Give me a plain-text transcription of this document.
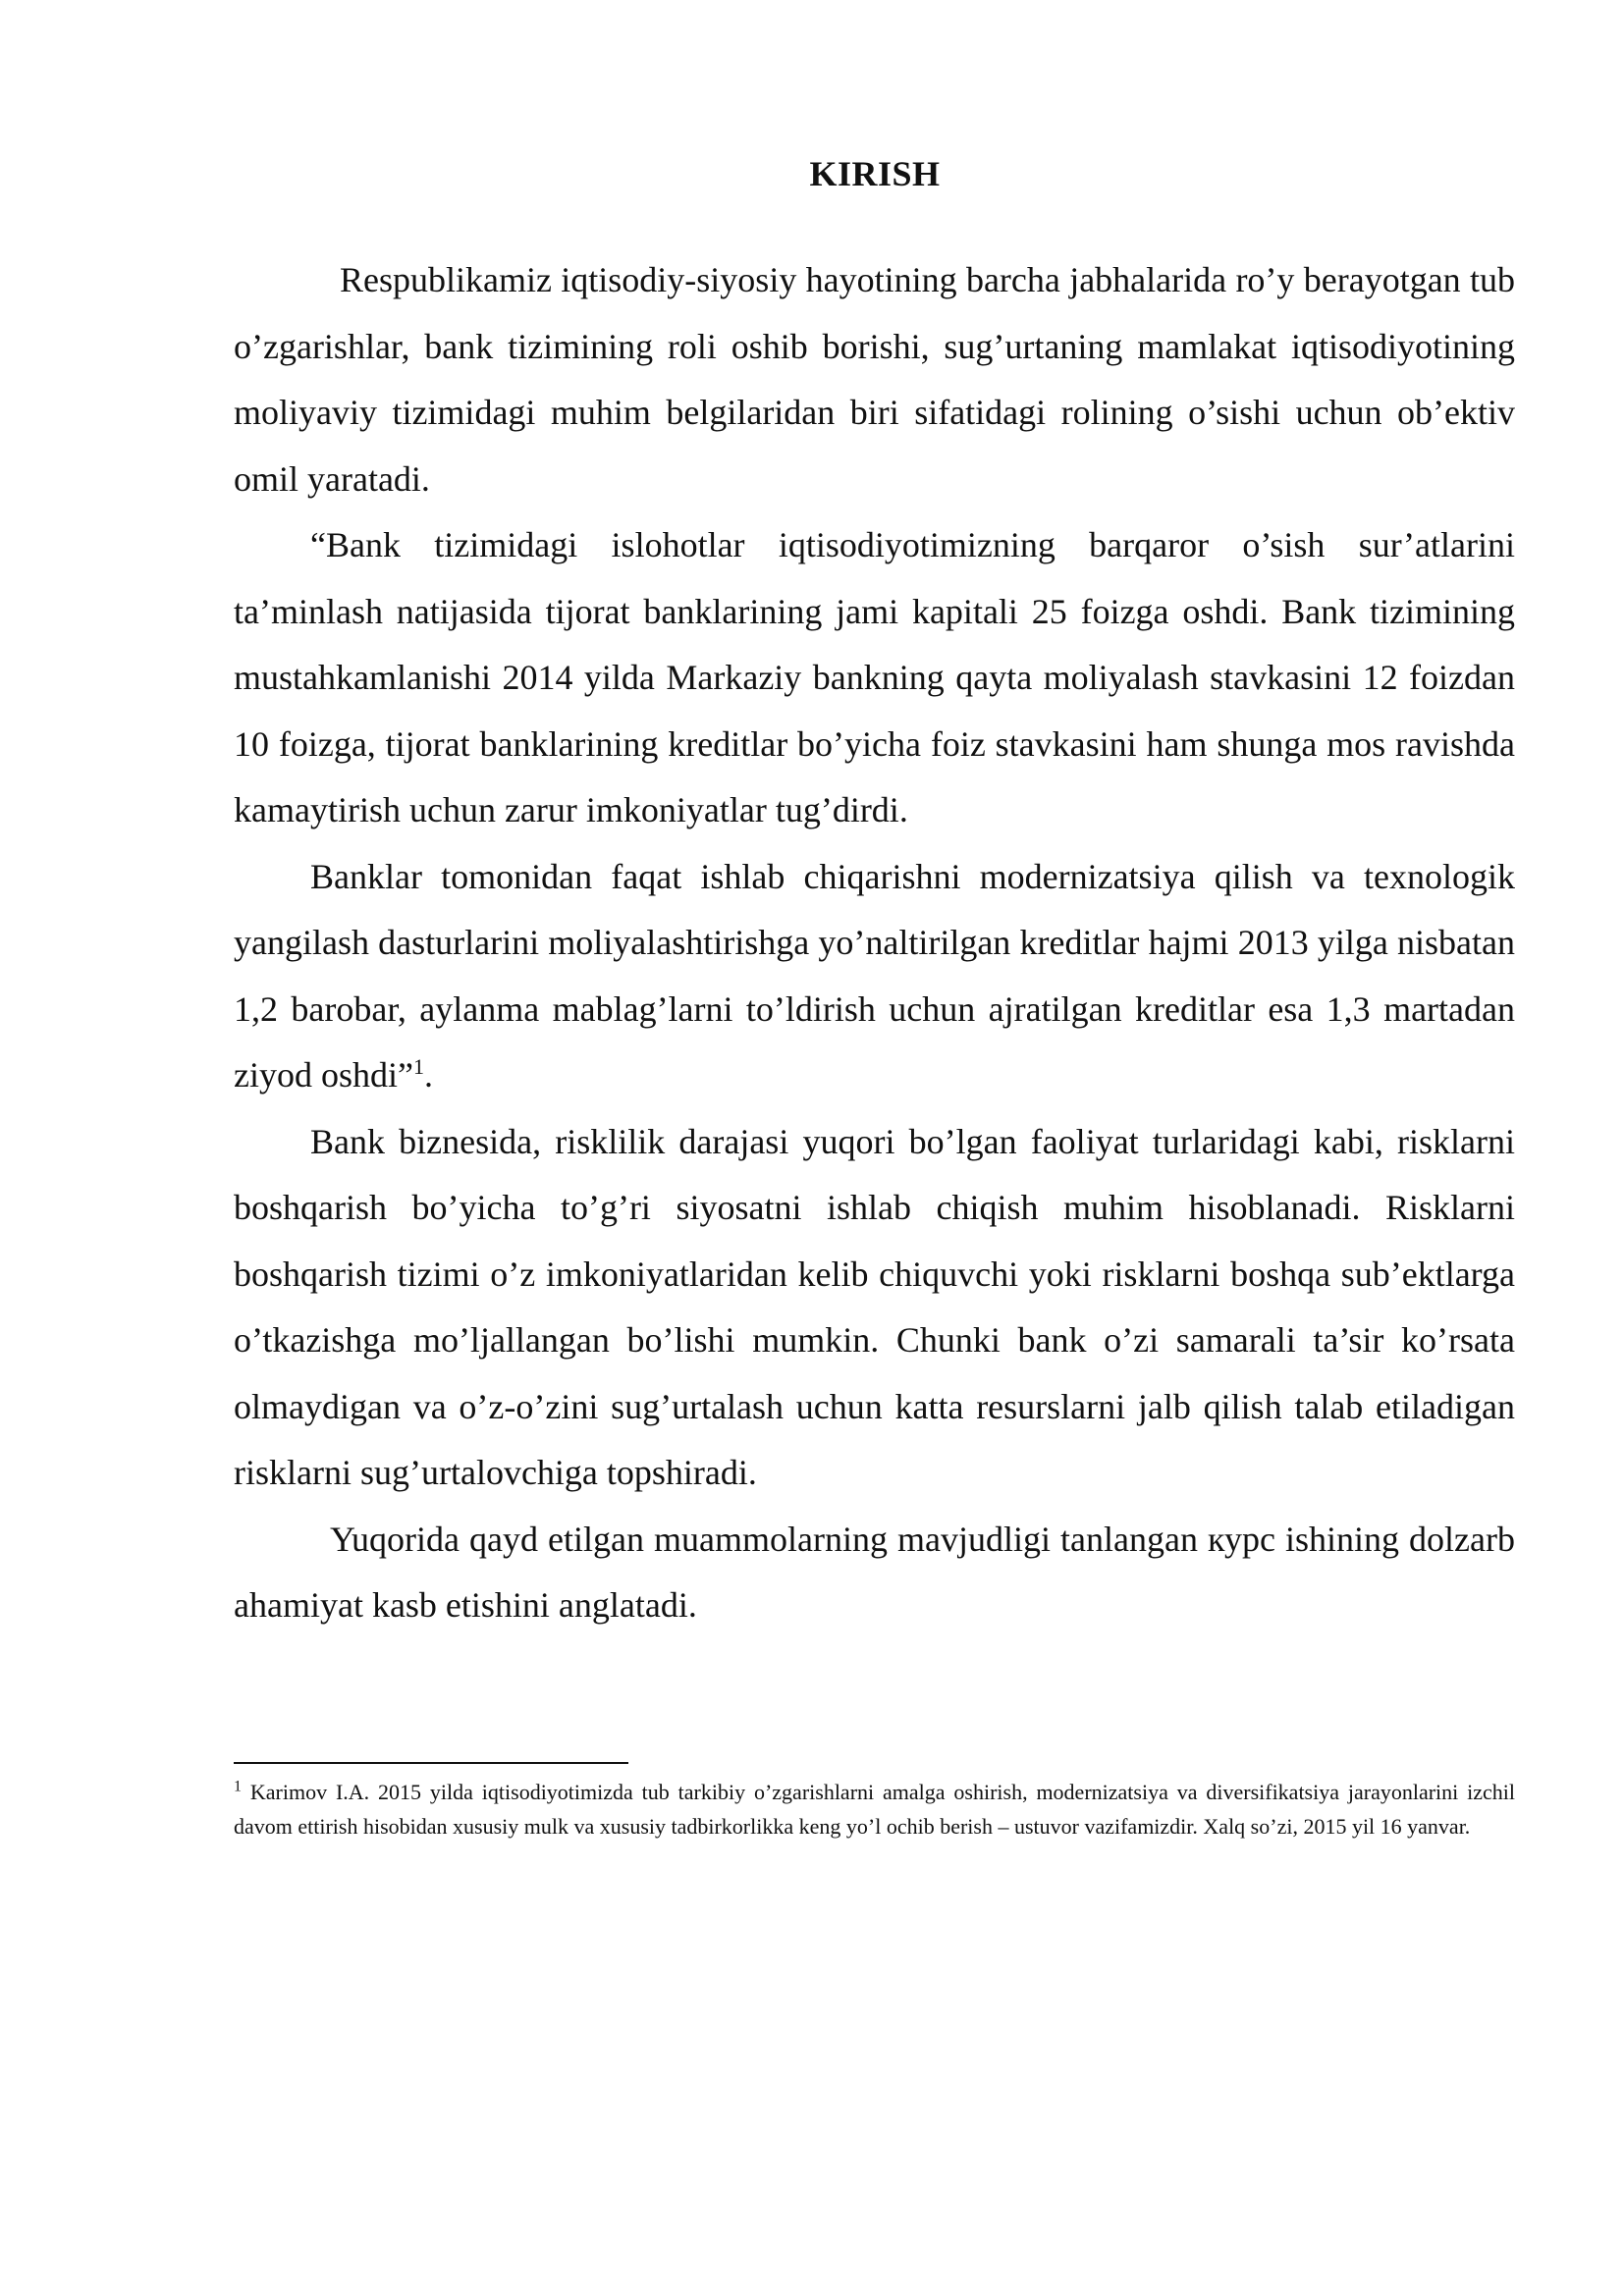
KIRISH

Respublikamiz iqtisodiy-siyosiy hayotining barcha jabhalarida ro’y berayotgan tub o’zgarishlar, bank tizimining roli oshib borishi, sug’urtaning mamlakat iqtisodiyotining moliyaviy tizimidagi muhim belgilaridan biri sifatidagi rolining o’sishi uchun ob’ektiv omil yaratadi.

“Bank tizimidagi islohotlar iqtisodiyotimizning barqaror o’sish sur’atlarini ta’minlash natijasida tijorat banklarining jami kapitali 25 foizga oshdi. Bank tizimining mustahkamlanishi 2014 yilda Markaziy bankning qayta moliyalash stavkasini 12 foizdan 10 foizga, tijorat banklarining kreditlar bo’yicha foiz stavkasini ham shunga mos ravishda kamaytirish uchun zarur imkoniyatlar tug’dirdi.

Banklar tomonidan faqat ishlab chiqarishni modernizatsiya qilish va texnologik yangilash dasturlarini moliyalashtirishga yo’naltirilgan kreditlar hajmi 2013 yilga nisbatan 1,2 barobar, aylanma mablag’larni to’ldirish uchun ajratilgan kreditlar esa 1,3 martadan ziyod oshdi”$^1$.

Bank biznesida, risklilik darajasi yuqori bo’lgan faoliyat turlaridagi kabi, risklarni boshqarish bo’yicha to’g’ri siyosatni ishlab chiqish muhim hisoblanadi. Risklarni boshqarish tizimi o’z imkoniyatlaridan kelib chiquvchi yoki risklarni boshqa sub’ektlarga o’tkazishga mo’ljallangan bo’lishi mumkin. Chunki bank o’zi samarali ta’sir ko’rsata olmaydigan va o’z-o’zini sug’urtalash uchun katta resurslarni jalb qilish talab etiladigan risklarni sug’urtalovchiga topshiradi.

Yuqorida qayd etilgan muammolarning mavjudligi tanlangan курс ishining dolzarb ahamiyat kasb etishini anglatadi.

$^1$ Karimov I.A. 2015 yilda iqtisodiyotimizda tub tarkibiy o’zgarishlarni amalga oshirish, modernizatsiya va diversifikatsiya jarayonlarini izchil davom ettirish hisobidan xususiy mulk va xususiy tadbirkorlikka keng yo’l ochib berish – ustuvor vazifamizdir. Xalq so’zi, 2015 yil 16 yanvar.
